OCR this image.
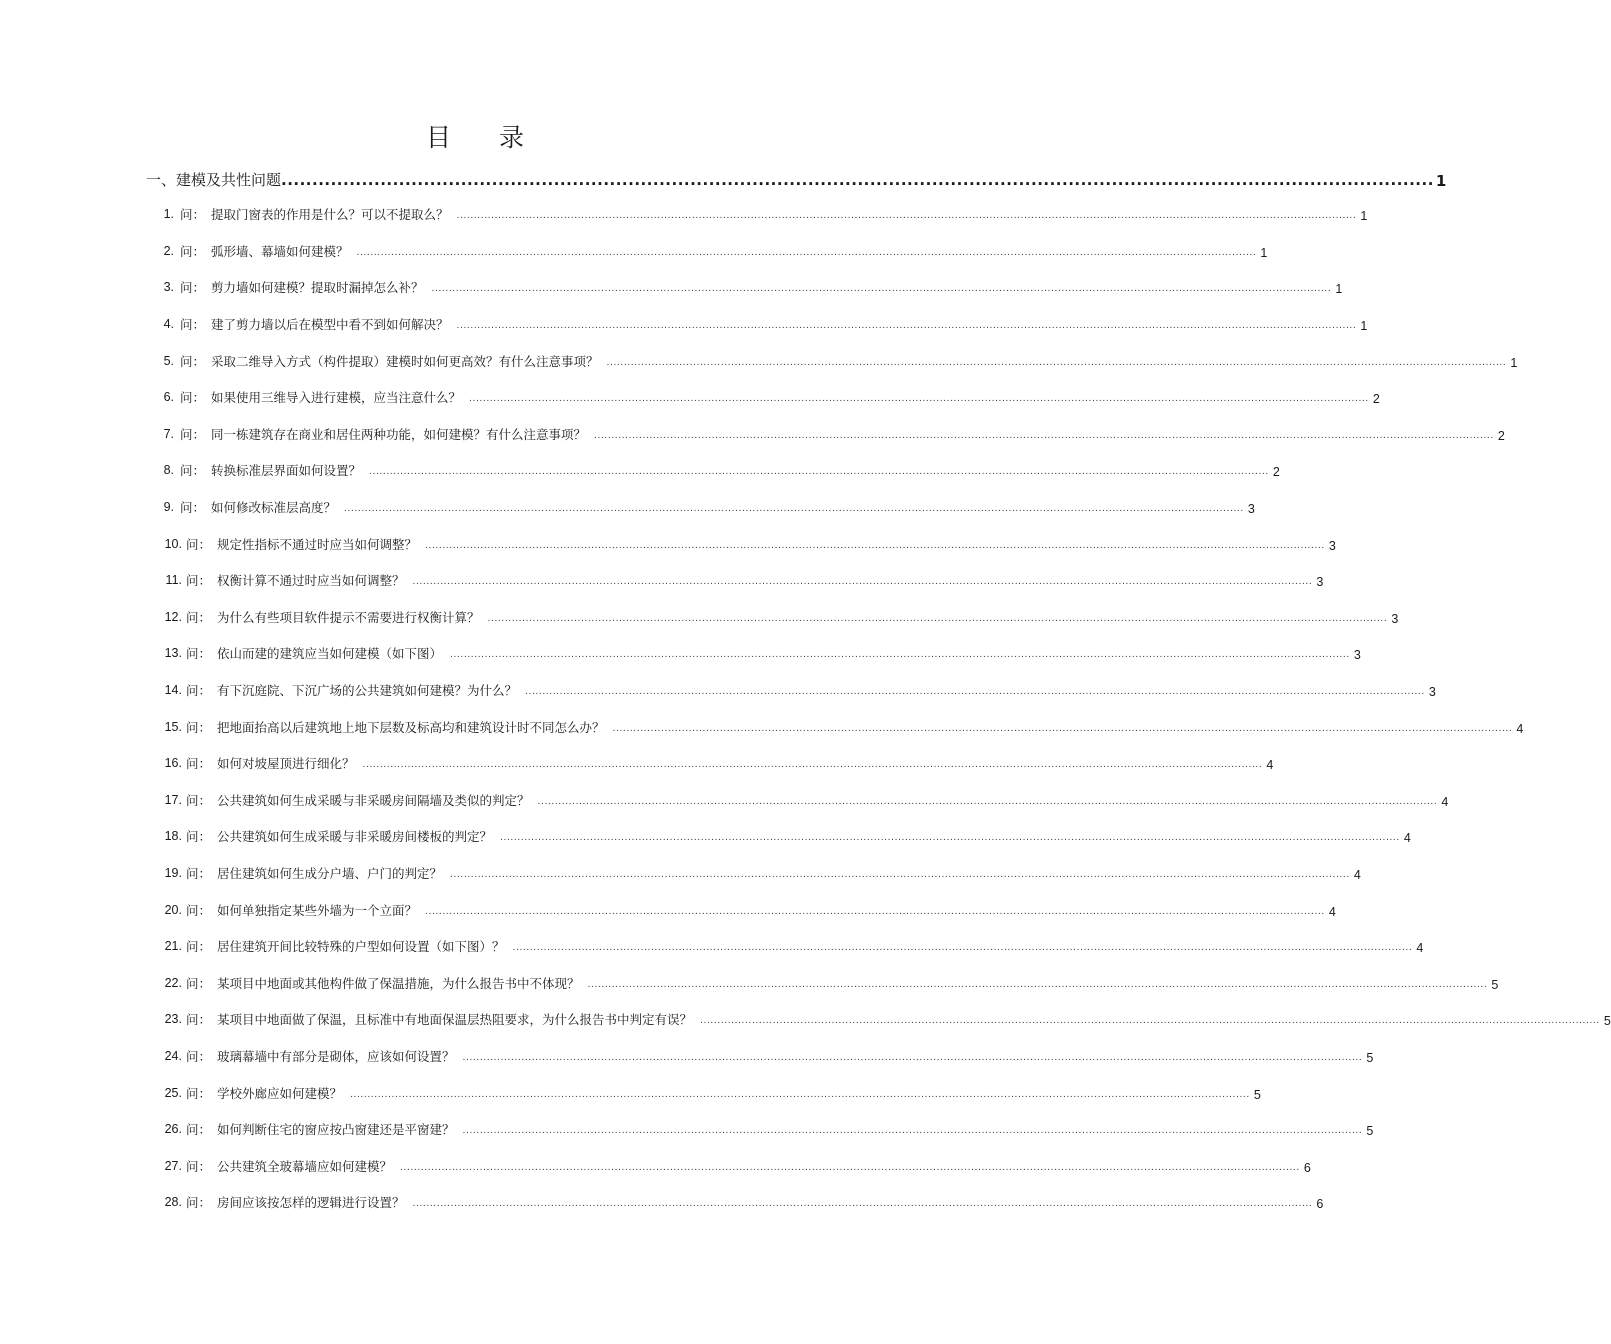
目 录
一、建模及共性问题 .......................................................................................................................................................................................... 1
1. 问： 提取门窗表的作用是什么？可以不提取么？ .................................................................................................................................................................................................................................................................... 1
2. 问： 弧形墙、幕墙如何建模？ .................................................................................................................................................................................................................................................................... 1
3. 问： 剪力墙如何建模？提取时漏掉怎么补？ .................................................................................................................................................................................................................................................................... 1
4. 问： 建了剪力墙以后在模型中看不到如何解决？ .................................................................................................................................................................................................................................................................... 1
5. 问： 采取二维导入方式（构件提取）建模时如何更高效？有什么注意事项？ .................................................................................................................................................................................................................................................................... 1
6. 问： 如果使用三维导入进行建模，应当注意什么？ .................................................................................................................................................................................................................................................................... 2
7. 问： 同一栋建筑存在商业和居住两种功能，如何建模？有什么注意事项？ .................................................................................................................................................................................................................................................................... 2
8. 问： 转换标准层界面如何设置？ .................................................................................................................................................................................................................................................................... 2
9. 问： 如何修改标准层高度？ .................................................................................................................................................................................................................................................................... 3
10. 问： 规定性指标不通过时应当如何调整？ .................................................................................................................................................................................................................................................................... 3
11. 问： 权衡计算不通过时应当如何调整？ .................................................................................................................................................................................................................................................................... 3
12. 问： 为什么有些项目软件提示不需要进行权衡计算？ .................................................................................................................................................................................................................................................................... 3
13. 问： 依山而建的建筑应当如何建模（如下图） .................................................................................................................................................................................................................................................................... 3
14. 问： 有下沉庭院、下沉广场的公共建筑如何建模？为什么？ .................................................................................................................................................................................................................................................................... 3
15. 问： 把地面抬高以后建筑地上地下层数及标高均和建筑设计时不同怎么办？ .................................................................................................................................................................................................................................................................... 4
16. 问： 如何对坡屋顶进行细化？ .................................................................................................................................................................................................................................................................... 4
17. 问： 公共建筑如何生成采暖与非采暖房间隔墙及类似的判定？ .................................................................................................................................................................................................................................................................... 4
18. 问： 公共建筑如何生成采暖与非采暖房间楼板的判定？ .................................................................................................................................................................................................................................................................... 4
19. 问： 居住建筑如何生成分户墙、户门的判定？ .................................................................................................................................................................................................................................................................... 4
20. 问： 如何单独指定某些外墙为一个立面？ .................................................................................................................................................................................................................................................................... 4
21. 问： 居住建筑开间比较特殊的户型如何设置（如下图）？ .................................................................................................................................................................................................................................................................... 4
22. 问： 某项目中地面或其他构件做了保温措施，为什么报告书中不体现？ .................................................................................................................................................................................................................................................................... 5
23. 问： 某项目中地面做了保温，且标准中有地面保温层热阻要求，为什么报告书中判定有误？ .................................................................................................................................................................................................................................................................... 5
24. 问： 玻璃幕墙中有部分是砌体，应该如何设置？ .................................................................................................................................................................................................................................................................... 5
25. 问： 学校外廊应如何建模？ .................................................................................................................................................................................................................................................................... 5
26. 问： 如何判断住宅的窗应按凸窗建还是平窗建？ .................................................................................................................................................................................................................................................................... 5
27. 问： 公共建筑全玻幕墙应如何建模？ .................................................................................................................................................................................................................................................................... 6
28. 问： 房间应该按怎样的逻辑进行设置？ .................................................................................................................................................................................................................................................................... 6
